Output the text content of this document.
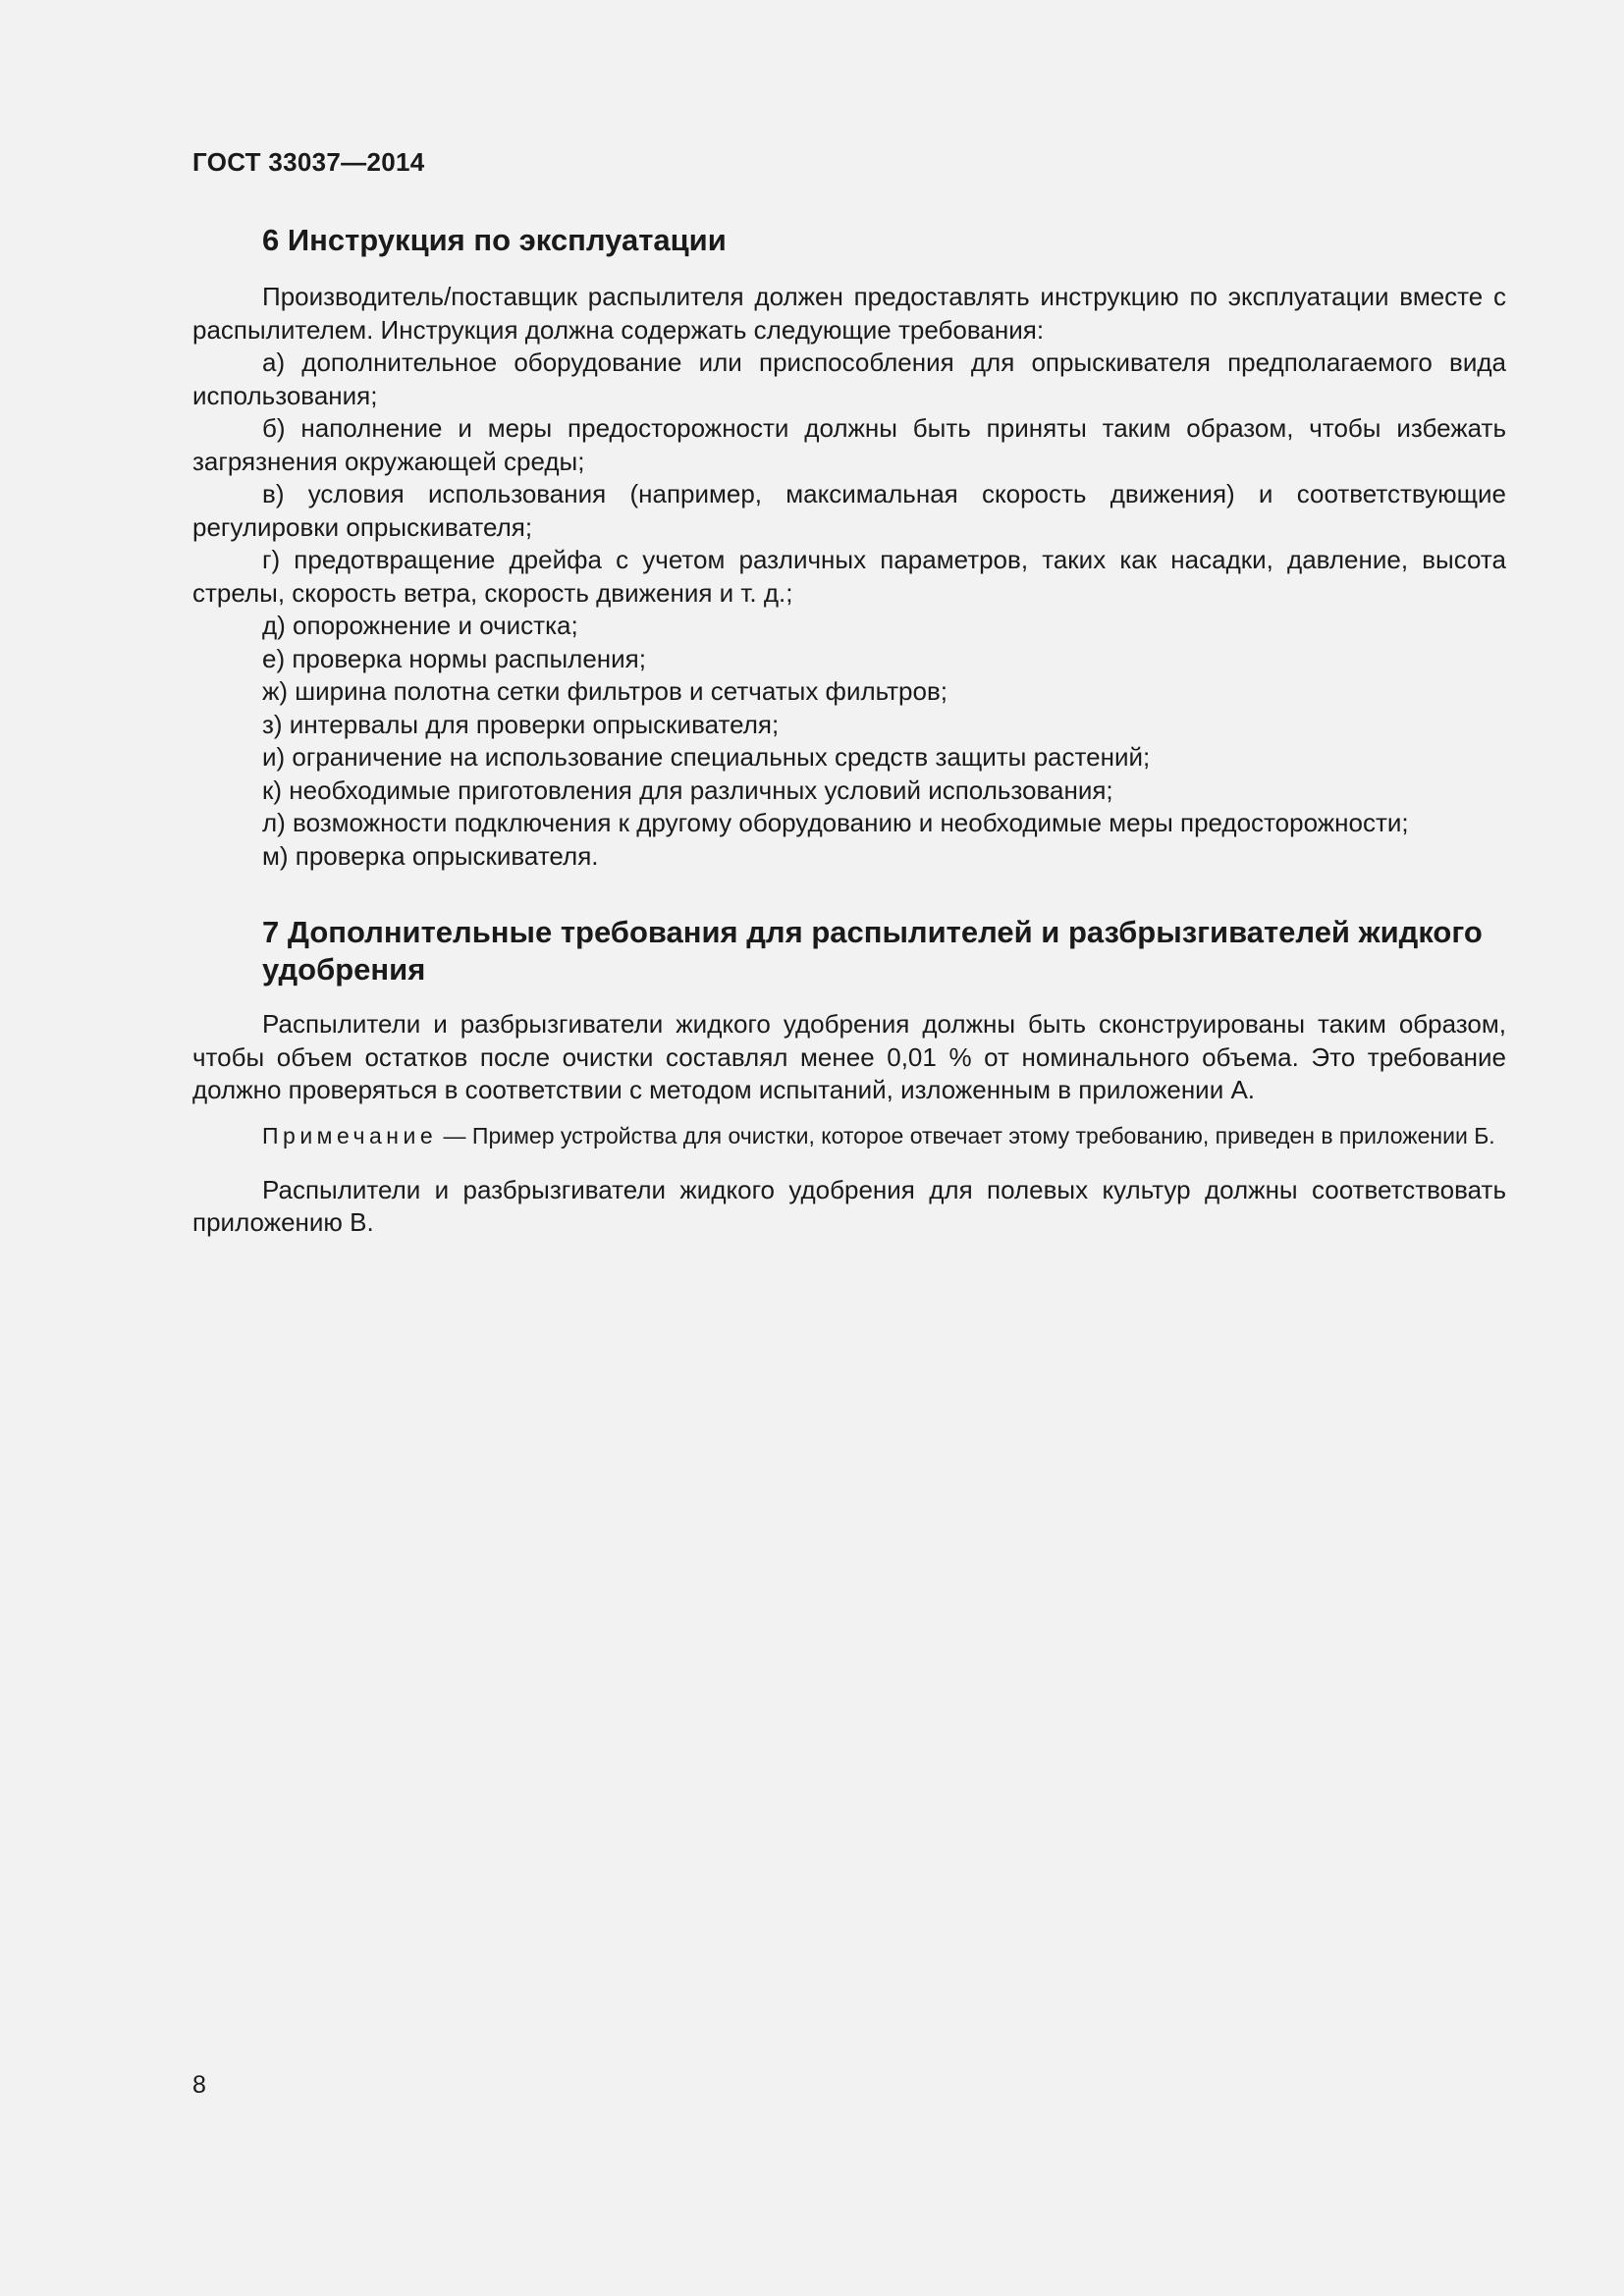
ГОСТ 33037—2014
6 Инструкция по эксплуатации

Производитель/поставщик распылителя должен предоставлять инструкцию по эксплуатации вместе с распылителем. Инструкция должна содержать следующие требования:

а) дополнительное оборудование или приспособления для опрыскивателя предполагаемого вида использования;
б) наполнение и меры предосторожности должны быть приняты таким образом, чтобы избежать загрязнения окружающей среды;
в) условия использования (например, максимальная скорость движения) и соответствующие регулировки опрыскивателя;
г) предотвращение дрейфа с учетом различных параметров, таких как насадки, давление, высота стрелы, скорость ветра, скорость движения и т. д.;
д) опорожнение и очистка;
е) проверка нормы распыления;
ж) ширина полотна сетки фильтров и сетчатых фильтров;
з) интервалы для проверки опрыскивателя;
и) ограничение на использование специальных средств защиты растений;
к) необходимые приготовления для различных условий использования;
л) возможности подключения к другому оборудованию и необходимые меры предосторожности;
м) проверка опрыскивателя.
7 Дополнительные требования для распылителей и разбрызгивателей жидкого удобрения

Распылители и разбрызгиватели жидкого удобрения должны быть сконструированы таким образом, чтобы объем остатков после очистки составлял менее 0,01 % от номинального объема. Это требование должно проверяться в соответствии с методом испытаний, изложенным в приложении А.

Примечание — Пример устройства для очистки, которое отвечает этому требованию, приведен в приложении Б.

Распылители и разбрызгиватели жидкого удобрения для полевых культур должны соответствовать приложению В.

8
